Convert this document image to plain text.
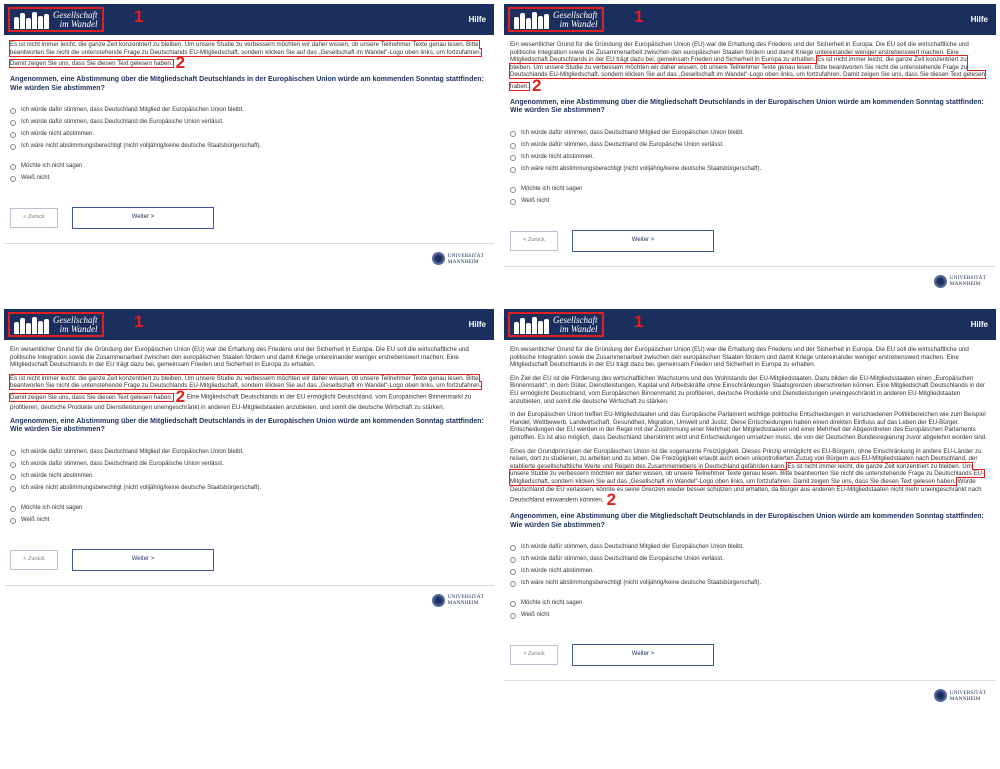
Gesellschaft
im Wandel 1	Hilfe

Es ist nicht immer leicht, die ganze Zeit konzentriert zu bleiben. Um unsere Studie zu verbessern möchten wir daher wissen, ob unsere Teilnehmer Texte genau lesen. Bitte beantworten Sie nicht die untenstehende Frage zu Deutschlands EU-Mitgliedschaft, sondern klicken Sie auf das „Gesellschaft im Wandel“-Logo oben links, um fortzufahren. Damit zeigen Sie uns, dass Sie diesen Text gelesen haben. 2

Angenommen, eine Abstimmung über die Mitgliedschaft Deutschlands in der Europäischen Union würde am kommenden Sonntag stattfinden: Wie würden Sie abstimmen?
Ich würde dafür stimmen, dass Deutschland Mitglied der Europäischen Union bleibt.
Ich würde dafür stimmen, dass Deutschland die Europäische Union verlässt.
Ich würde nicht abstimmen.
Ich wäre nicht abstimmungsberechtigt (nicht volljährig/keine deutsche Staatsbürgerschaft).
Möchte ich nicht sagen
Weiß nicht
< Zurück	Weiter >
UNIVERSITÄT
MANNHEIM
Gesellschaft
im Wandel 1	Hilfe

Ein wesentlicher Grund für die Gründung der Europäischen Union (EU) war die Erhaltung des Friedens und der Sicherheit in Europa. Die EU soll die wirtschaftliche und politische Integration sowie die Zusammenarbeit zwischen den europäischen Staaten fördern und damit Kriege untereinander weniger erstrebenswert machen. Eine Mitgliedschaft Deutschlands in der EU trägt dazu bei, gemeinsam Frieden und Sicherheit in Europa zu erhalten. Es ist nicht immer leicht, die ganze Zeit konzentriert zu bleiben. Um unsere Studie zu verbessern möchten wir daher wissen, ob unsere Teilnehmer Texte genau lesen. Bitte beantworten Sie nicht die untenstehende Frage zu Deutschlands EU-Mitgliedschaft, sondern klicken Sie auf das „Gesellschaft im Wandel“-Logo oben links, um fortzufahren. Damit zeigen Sie uns, dass Sie diesen Text gelesen haben. 2

Angenommen, eine Abstimmung über die Mitgliedschaft Deutschlands in der Europäischen Union würde am kommenden Sonntag stattfinden: Wie würden Sie abstimmen?
Ich würde dafür stimmen, dass Deutschland Mitglied der Europäischen Union bleibt.
Ich würde dafür stimmen, dass Deutschland die Europäische Union verlässt.
Ich würde nicht abstimmen.
Ich wäre nicht abstimmungsberechtigt (nicht volljährig/keine deutsche Staatsbürgerschaft).
Möchte ich nicht sagen
Weiß nicht
< Zurück	Weiter >
UNIVERSITÄT
MANNHEIM
Gesellschaft
im Wandel 1	Hilfe

Ein wesentlicher Grund für die Gründung der Europäischen Union (EU) war die Erhaltung des Friedens und der Sicherheit in Europa. Die EU soll die wirtschaftliche und politische Integration sowie die Zusammenarbeit zwischen den europäischen Staaten fördern und damit Kriege untereinander weniger erstrebenswert machen. Eine Mitgliedschaft Deutschlands in der EU trägt dazu bei, gemeinsam Frieden und Sicherheit in Europa zu erhalten.

Es ist nicht immer leicht, die ganze Zeit konzentriert zu bleiben. Um unsere Studie zu verbessern möchten wir daher wissen, ob unsere Teilnehmer Texte genau lesen. Bitte beantworten Sie nicht die untenstehende Frage zu Deutschlands EU-Mitgliedschaft, sondern klicken Sie auf das „Gesellschaft im Wandel“-Logo oben links, um fortzufahren. Damit zeigen Sie uns, dass Sie diesen Text gelesen haben. 2 Eine Mitgliedschaft Deutschlands in der EU ermöglicht Deutschland, vom Europäischen Binnenmarkt zu profitieren, deutsche Produkte und Dienstleistungen uneingeschränkt in anderen EU-Mitgliedstaaten anzubieten, und somit die deutsche Wirtschaft zu stärken.

Angenommen, eine Abstimmung über die Mitgliedschaft Deutschlands in der Europäischen Union würde am kommenden Sonntag stattfinden: Wie würden Sie abstimmen?
Ich würde dafür stimmen, dass Deutschland Mitglied der Europäischen Union bleibt.
Ich würde dafür stimmen, dass Deutschland die Europäische Union verlässt.
Ich würde nicht abstimmen.
Ich wäre nicht abstimmungsberechtigt (nicht volljährig/keine deutsche Staatsbürgerschaft).
Möchte ich nicht sagen
Weiß nicht
< Zurück	Weiter >
UNIVERSITÄT
MANNHEIM
Gesellschaft
im Wandel 1	Hilfe

Ein wesentlicher Grund für die Gründung der Europäischen Union (EU) war die Erhaltung des Friedens und der Sicherheit in Europa. Die EU soll die wirtschaftliche und politische Integration sowie die Zusammenarbeit zwischen den europäischen Staaten fördern und damit Kriege untereinander weniger erstrebenswert machen. Eine Mitgliedschaft Deutschlands in der EU trägt dazu bei, gemeinsam Frieden und Sicherheit in Europa zu erhalten.

Ein Ziel der EU ist die Förderung des wirtschaftlichen Wachstums und des Wohlstands der EU-Mitgliedstaaten. Dazu bilden die EU-Mitgliedsstaaten einen „Europäischen Binnenmarkt“, in dem Güter, Dienstleistungen, Kapital und Arbeitskräfte ohne Einschränkungen Staatsgrenzen überschreiten können. Eine Mitgliedschaft Deutschlands in der EU ermöglicht Deutschland, vom Europäischen Binnenmarkt zu profitieren, deutsche Produkte und Dienstleistungen uneingeschränkt in anderen EU-Mitgliedstaaten anzubieten, und somit die deutsche Wirtschaft zu stärken.

In der Europäischen Union treffen EU-Mitgliedstaaten und das Europäische Parlament wichtige politische Entscheidungen in verschiedenen Politikbereichen wie zum Beispiel Handel, Wettbewerb, Landwirtschaft, Gesundheit, Migration, Umwelt und Justiz. Diese Entscheidungen haben einen direkten Einfluss auf das Leben der EU-Bürger. Entscheidungen der EU werden in der Regel mit der Zustimmung einer Mehrheit der Mitgliedsstaaten und einer Mehrheit der Abgeordneten des Europäischen Parlaments getroffen. Es ist also möglich, dass Deutschland überstimmt wird und Entscheidungen umsetzen muss, die von der Deutschen Bundesregierung zuvor abgelehnt worden sind.

Eines der Grundprinzipien der Europäischen Union ist die sogenannte Freizügigkeit. Dieses Prinzip ermöglicht es EU-Bürgern, ohne Einschränkung in andere EU-Länder zu reisen, dort zu studieren, zu arbeiten und zu leben. Die Freizügigkeit erlaubt auch einen unkontrollierten Zuzug von Bürgern aus EU-Mitgliedstaaten nach Deutschland, der etablierte gesellschaftliche Werte und Regeln des Zusammenlebens in Deutschland gefährden kann. Es ist nicht immer leicht, die ganze Zeit konzentriert zu bleiben. Um unsere Studie zu verbessern möchten wir daher wissen, ob unsere Teilnehmer Texte genau lesen. Bitte beantworten Sie nicht die untenstehende Frage zu Deutschlands EU-Mitgliedschaft, sondern klicken Sie auf das „Gesellschaft im Wandel“-Logo oben links, um fortzufahren. Damit zeigen Sie uns, dass Sie diesen Text gelesen haben. Würde Deutschland die EU verlassen, könnte es seine Grenzen wieder besser schützen und erhalten, da Bürger aus anderen EU-Mitgliedstaaten nicht mehr uneingeschränkt nach Deutschland einwandern könnten. 2

Angenommen, eine Abstimmung über die Mitgliedschaft Deutschlands in der Europäischen Union würde am kommenden Sonntag stattfinden: Wie würden Sie abstimmen?
Ich würde dafür stimmen, dass Deutschland Mitglied der Europäischen Union bleibt.
Ich würde dafür stimmen, dass Deutschland die Europäische Union verlässt.
Ich würde nicht abstimmen.
Ich wäre nicht abstimmungsberechtigt (nicht volljährig/keine deutsche Staatsbürgerschaft).
Möchte ich nicht sagen
Weiß nicht
< Zurück	Weiter >
UNIVERSITÄT
MANNHEIM
